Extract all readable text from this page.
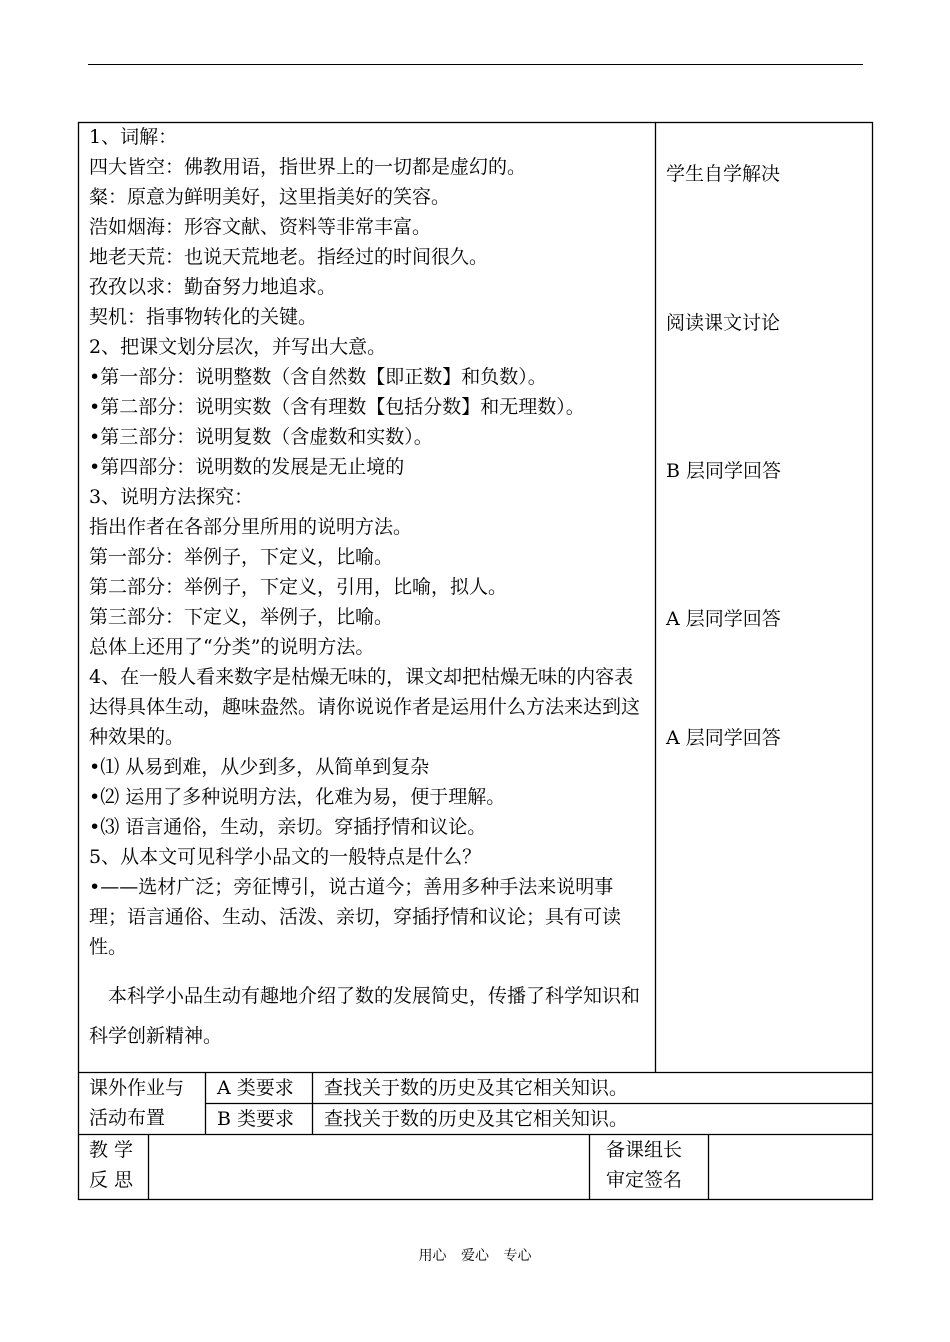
1、词解：
四大皆空：佛教用语，指世界上的一切都是虚幻的。
粲：原意为鲜明美好，这里指美好的笑容。
浩如烟海：形容文献、资料等非常丰富。
地老天荒：也说天荒地老。指经过的时间很久。
孜孜以求：勤奋努力地追求。
契机：指事物转化的关键。
2、把课文划分层次，并写出大意。
•第一部分：说明整数（含自然数【即正数】和负数）。
•第二部分：说明实数（含有理数【包括分数】和无理数）。
•第三部分：说明复数（含虚数和实数）。
•第四部分：说明数的发展是无止境的
3、说明方法探究：
指出作者在各部分里所用的说明方法。
第一部分：举例子，下定义，比喻。
第二部分：举例子，下定义，引用，比喻，拟人。
第三部分：下定义，举例子，比喻。
总体上还用了“分类”的说明方法。
4、在一般人看来数字是枯燥无味的，课文却把枯燥无味的内容表达得具体生动，趣味盎然。请你说说作者是运用什么方法来达到这种效果的。
•⑴ 从易到难，从少到多，从简单到复杂
•⑵ 运用了多种说明方法，化难为易，便于理解。
•⑶ 语言通俗，生动，亲切。穿插抒情和议论。
5、从本文可见科学小品文的一般特点是什么？
•——选材广泛；旁征博引，说古道今；善用多种手法来说明事理；语言通俗、生动、活泼、亲切，穿插抒情和议论；具有可读性。
本科学小品生动有趣地介绍了数的发展简史，传播了科学知识和科学创新精神。
学生自学解决
阅读课文讨论
B 层同学回答
A 层同学回答
A 层同学回答
课外作业与
活动布置
A 类要求 查找关于数的历史及其它相关知识。
B 类要求 查找关于数的历史及其它相关知识。
教 学
反 思
备课组长
审定签名
用心 爱心 专心
